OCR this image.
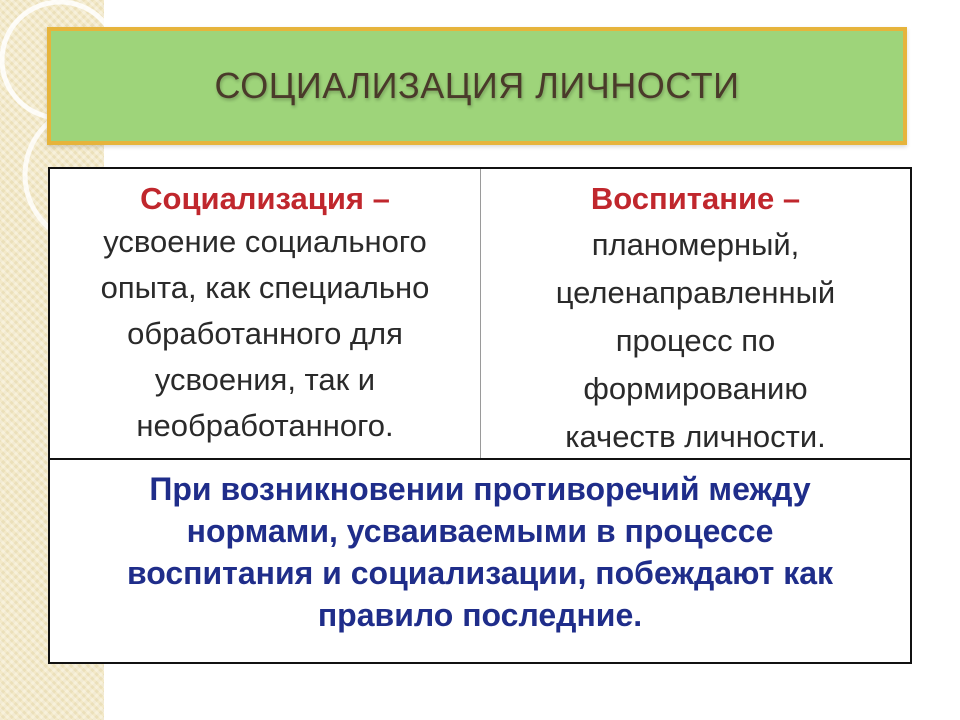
СОЦИАЛИЗАЦИЯ ЛИЧНОСТИ
Социализация –
усвоение социального
опыта, как специально
обработанного для
усвоения, так и
необработанного.
Воспитание –
планомерный,
целенаправленный
процесс по
формированию
качеств личности.
При возникновении противоречий между
нормами, усваиваемыми в процессе
воспитания и социализации, побеждают как
правило последние.
